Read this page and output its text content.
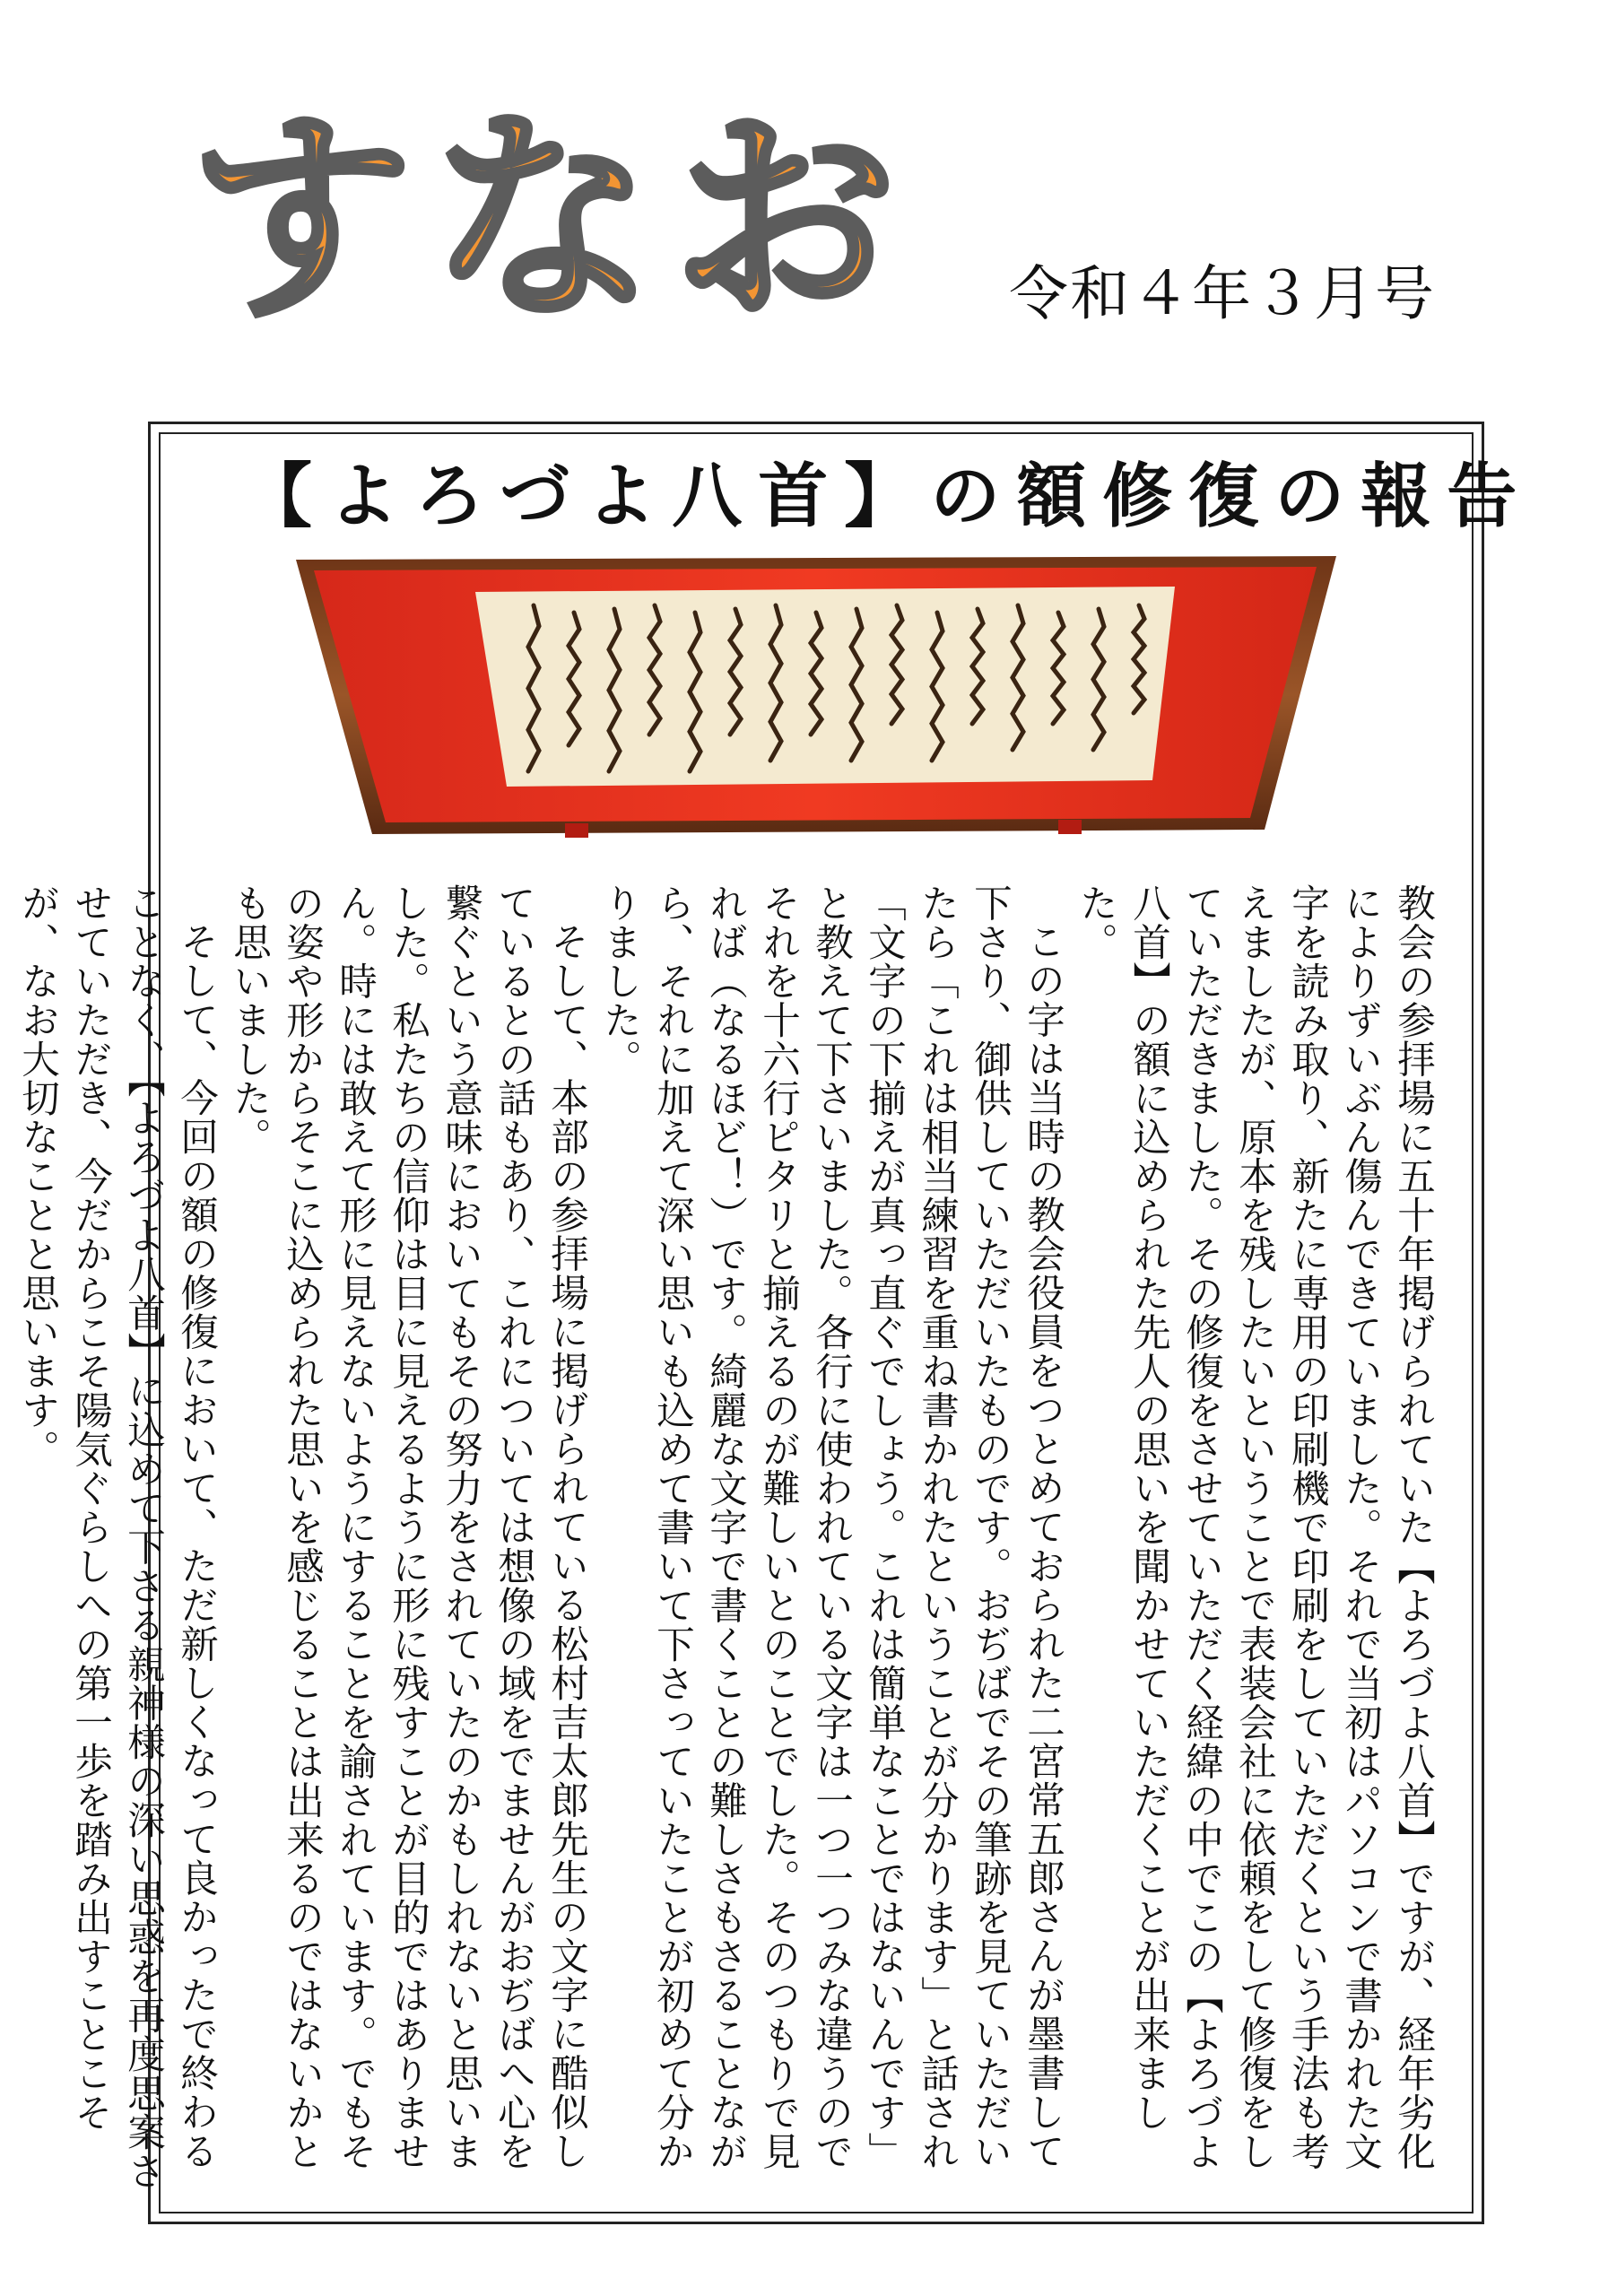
すなお 令和４年３月号
【よろづよ八首】の額修復の報告

教会の参拝場に五十年掲げられていた【よろづよ八首】ですが、経年劣化によりずいぶん傷んできていました。それで当初はパソコンで書かれた文字を読み取り、新たに専用の印刷機で印刷をしていただくという手法も考えましたが、原本を残したいということで表装会社に依頼をして修復をしていただきました。その修復をさせていただく経緯の中でこの【よろづよ八首】の額に込められた先人の思いを聞かせていただくことが出来ました。

この字は当時の教会役員をつとめておられた二宮常五郎さんが墨書して下さり、御供していただいたものです。おぢばでその筆跡を見ていただいたら「これは相当練習を重ね書かれたということが分かります」と話され「文字の下揃えが真っ直ぐでしょう。これは簡単なことではないんです」と教えて下さいました。各行に使われている文字は一つ一つみな違うのでそれを十六行ピタリと揃えるのが難しいとのことでした。そのつもりで見れば（なるほど！）です。綺麗な文字で書くことの難しさもさることながら、それに加えて深い思いも込めて書いて下さっていたことが初めて分かりました。

そして、本部の参拝場に掲げられている松村吉太郎先生の文字に酷似しているとの話もあり、これについては想像の域をでませんがおぢばへ心を繋ぐという意味においてもその努力をされていたのかもしれないと思いました。私たちの信仰は目に見えるように形に残すことが目的ではありません。時には敢えて形に見えないようにすることを諭されています。でもその姿や形からそこに込められた思いを感じることは出来るのではないかとも思いました。

そして、今回の額の修復において、ただ新しくなって良かったで終わることなく、【よろづよ八首】に込めて下さる親神様の深い思惑を再度思案させていただき、今だからこそ陽気ぐらしへの第一歩を踏み出すことこそが、なお大切なことと思います。
